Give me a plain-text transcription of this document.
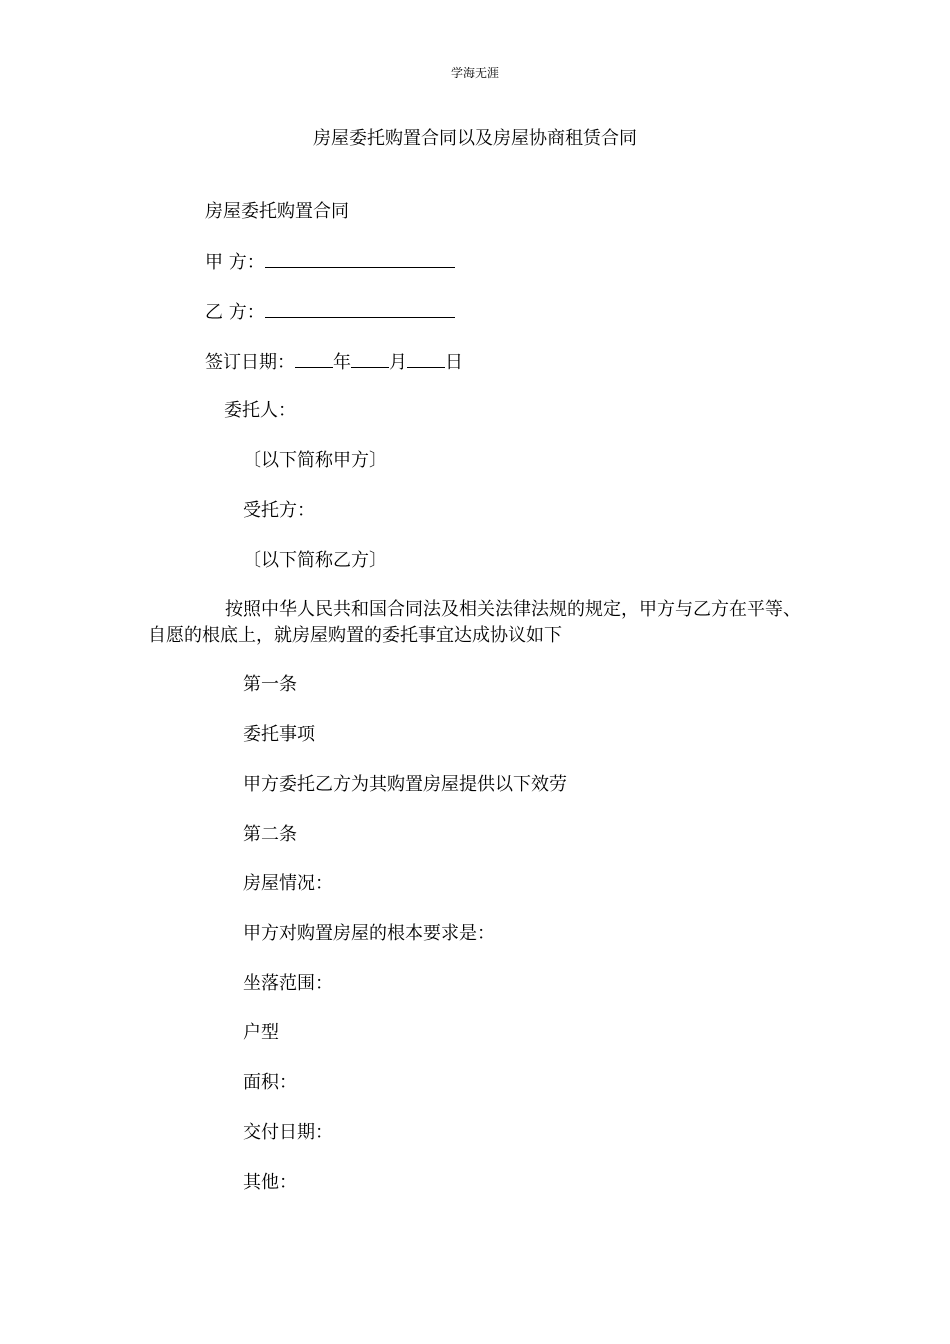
学海无涯
房屋委托购置合同以及房屋协商租赁合同
房屋委托购置合同
甲 方：
乙 方：
签订日期： 年 月 日
委托人：
〔以下简称甲方〕
受托方：
〔以下简称乙方〕
按照中华人民共和国合同法及相关法律法规的规定，甲方与乙方在平等、自愿的根底上，就房屋购置的委托事宜达成协议如下
第一条
委托事项
甲方委托乙方为其购置房屋提供以下效劳
第二条
房屋情况：
甲方对购置房屋的根本要求是：
坐落范围：
户型
面积：
交付日期：
其他：
